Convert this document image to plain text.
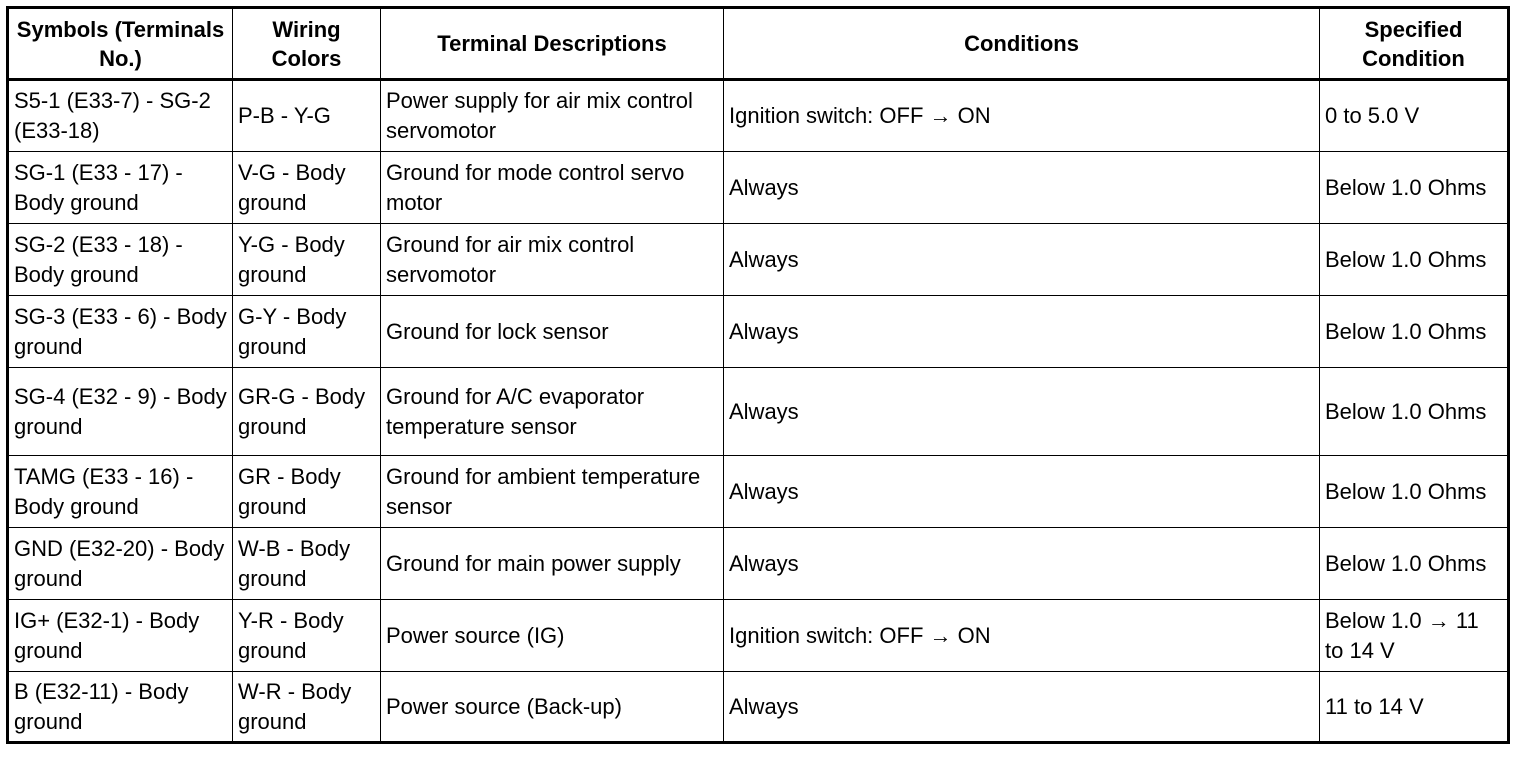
Symbols (Terminals No.)	Wiring Colors	Terminal Descriptions	Conditions	Specified Condition
S5-1 (E33-7) - SG-2 (E33-18)	P-B - Y-G	Power supply for air mix control servomotor	Ignition switch: OFF → ON	0 to 5.0 V
SG-1 (E33 - 17) - Body ground	V-G - Body ground	Ground for mode control servo motor	Always	Below 1.0 Ohms
SG-2 (E33 - 18) - Body ground	Y-G - Body ground	Ground for air mix control servomotor	Always	Below 1.0 Ohms
SG-3 (E33 - 6) - Body ground	G-Y - Body ground	Ground for lock sensor	Always	Below 1.0 Ohms
SG-4 (E32 - 9) - Body ground	GR-G - Body ground	Ground for A/C evaporator temperature sensor	Always	Below 1.0 Ohms
TAMG (E33 - 16) - Body ground	GR - Body ground	Ground for ambient temperature sensor	Always	Below 1.0 Ohms
GND (E32-20) - Body ground	W-B - Body ground	Ground for main power supply	Always	Below 1.0 Ohms
IG+ (E32-1) - Body ground	Y-R - Body ground	Power source (IG)	Ignition switch: OFF → ON	Below 1.0 → 11 to 14 V
B (E32-11) - Body ground	W-R - Body ground	Power source (Back-up)	Always	11 to 14 V
